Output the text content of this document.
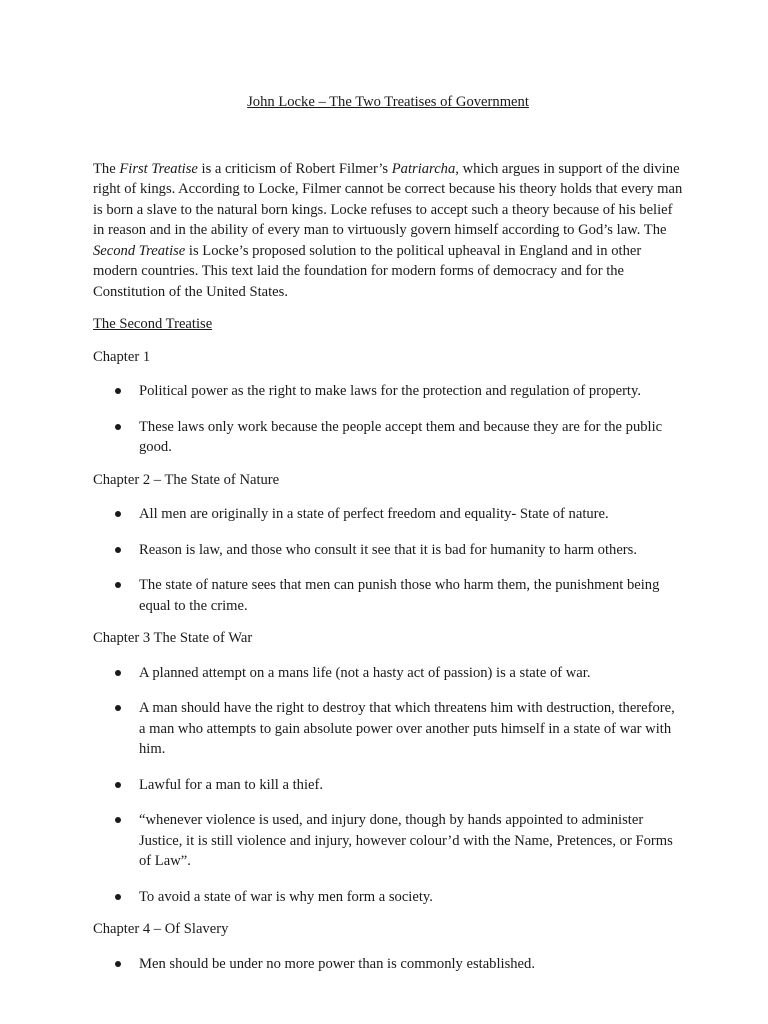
John Locke – The Two Treatises of Government

The First Treatise is a criticism of Robert Filmer’s Patriarcha, which argues in support of the divine right of kings. According to Locke, Filmer cannot be correct because his theory holds that every man is born a slave to the natural born kings. Locke refuses to accept such a theory because of his belief in reason and in the ability of every man to virtuously govern himself according to God’s law. The Second Treatise is Locke’s proposed solution to the political upheaval in England and in other modern countries. This text laid the foundation for modern forms of democracy and for the Constitution of the United States.

The Second Treatise

Chapter 1

Political power as the right to make laws for the protection and regulation of property.
These laws only work because the people accept them and because they are for the public good.

Chapter 2 – The State of Nature

All men are originally in a state of perfect freedom and equality- State of nature.
Reason is law, and those who consult it see that it is bad for humanity to harm others.
The state of nature sees that men can punish those who harm them, the punishment being equal to the crime.

Chapter 3 The State of War

A planned attempt on a mans life (not a hasty act of passion) is a state of war.
A man should have the right to destroy that which threatens him with destruction, therefore, a man who attempts to gain absolute power over another puts himself in a state of war with him.
Lawful for a man to kill a thief.
“whenever violence is used, and injury done, though by hands appointed to administer Justice, it is still violence and injury, however colour’d with the Name, Pretences, or Forms of Law”.
To avoid a state of war is why men form a society.

Chapter 4 – Of Slavery

Men should be under no more power than is commonly established.
